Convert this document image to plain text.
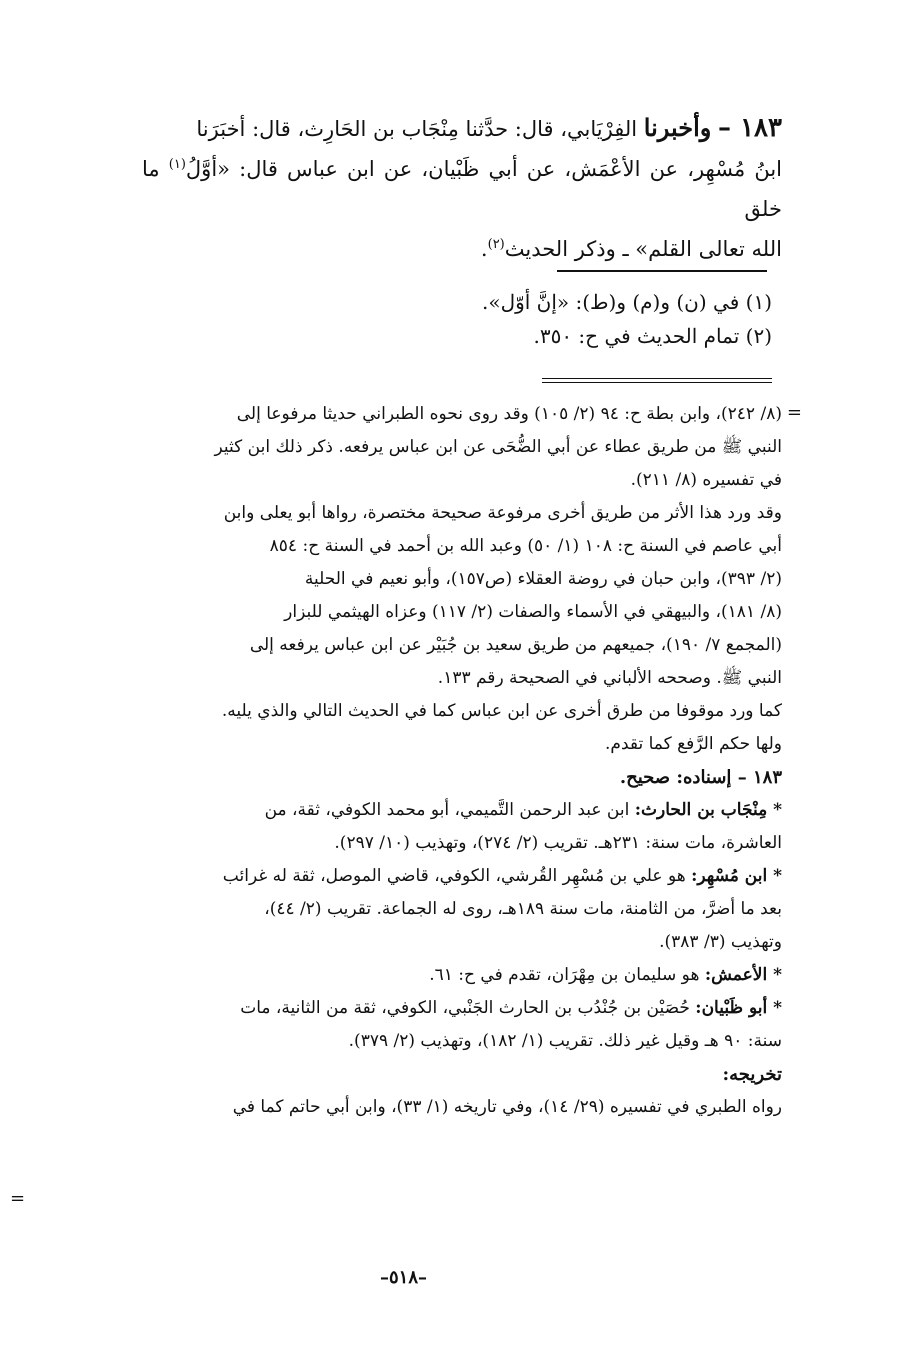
١٨٣ – وأخبرنا الفِرْيَابي، قال: حدَّثنا مِنْجَاب بن الحَارِث، قال: أخبَرَنا
ابنُ مُسْهِر، عن الأعْمَش، عن أبي ظَبْيان، عن ابن عباس قال: «أوَّلُ$^{(١)}$ ما خلق
الله تعالى القلم» ـ وذكر الحديث$^{(٢)}$.
(١) في (ن) و(م) و(ط): «إنَّ أوّل».
(٢) تمام الحديث في ح: ٣٥٠.
=
(٨/ ٢٤٢)، وابن بطة ح: ٩٤ (٢/ ١٠٥) وقد روى نحوه الطبراني حديثا مرفوعا إلى
النبي ﷺ من طريق عطاء عن أبي الضُّحَى عن ابن عباس يرفعه. ذكر ذلك ابن كثير
في تفسيره (٨/ ٢١١).
وقد ورد هذا الأثر من طريق أخرى مرفوعة صحيحة مختصرة، رواها أبو يعلى وابن
أبي عاصم في السنة ح: ١٠٨ (١/ ٥٠) وعبد الله بن أحمد في السنة ح: ٨٥٤
(٢/ ٣٩٣)، وابن حبان في روضة العقلاء (ص١٥٧)، وأبو نعيم في الحلية
(٨/ ١٨١)، والبيهقي في الأسماء والصفات (٢/ ١١٧) وعزاه الهيثمي للبزار
(المجمع ٧/ ١٩٠)، جميعهم من طريق سعيد بن جُبَيْر عن ابن عباس يرفعه إلى
النبي ﷺ. وصححه الألباني في الصحيحة رقم ١٣٣.
كما ورد موقوفا من طرق أخرى عن ابن عباس كما في الحديث التالي والذي يليه.
ولها حكم الرَّفع كما تقدم.
١٨٣ – إسناده: صحيح.
* مِنْجَاب بن الحارث: ابن عبد الرحمن التَّميمي، أبو محمد الكوفي، ثقة، من
العاشرة، مات سنة: ٢٣١هـ. تقريب (٢/ ٢٧٤)، وتهذيب (١٠/ ٢٩٧).
* ابن مُسْهِر: هو علي بن مُسْهِر القُرشي، الكوفي، قاضي الموصل، ثقة له غرائب
بعد ما أضرَّ، من الثامنة، مات سنة ١٨٩هـ، روى له الجماعة. تقريب (٢/ ٤٤)،
وتهذيب (٣/ ٣٨٣).
* الأعمش: هو سليمان بن مِهْرَان، تقدم في ح: ٦١.
* أبو ظَبْيان: حُصَيْن بن جُنْدُب بن الحارث الجَنْبي، الكوفي، ثقة من الثانية، مات
سنة: ٩٠ هـ وقيل غير ذلك. تقريب (١/ ١٨٢)، وتهذيب (٢/ ٣٧٩).
تخريجه:
رواه الطبري في تفسيره (٢٩/ ١٤)، وفي تاريخه (١/ ٣٣)، وابن أبي حاتم كما في
=
–٥١٨–
